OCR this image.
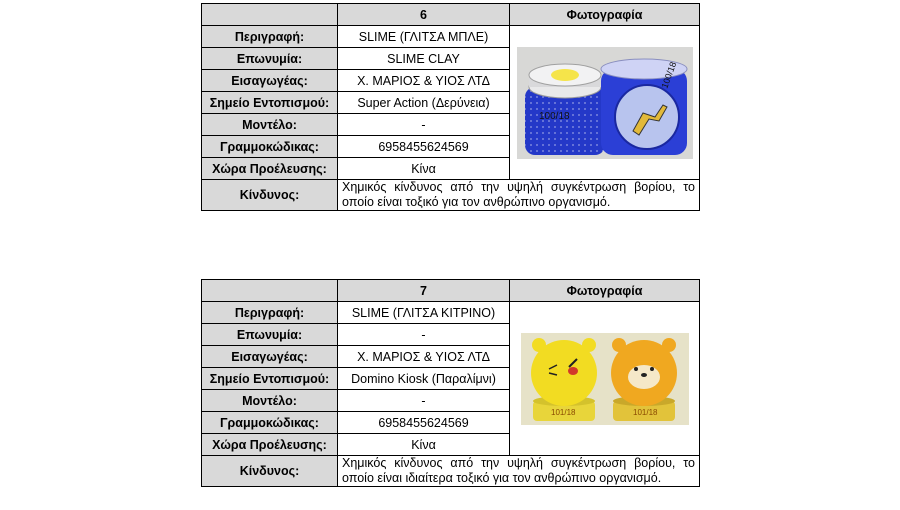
	6	Φωτογραφία
Περιγραφή:	SLIME (ΓΛΙΤΣΑ ΜΠΛΕ)	100/18
100/18

Επωνυμία:	SLIME CLAY	
Εισαγωγέας:	Χ. ΜΑΡΙΟΣ & ΥΙΟΣ ΛΤΔ	
Σημείο Εντοπισμού:	Super Action (Δερύνεια)	
Μοντέλο:	-	
Γραμμοκώδικας:	6958455624569	
Χώρα Προέλευσης:	Κίνα	
Κίνδυνος:	Χημικός κίνδυνος από την υψηλή συγκέντρωση βορίου, το οποίο είναι τοξικό για τον ανθρώπινο οργανισμό.	
	7	Φωτογραφία
Περιγραφή:	SLIME (ΓΛΙΤΣΑ ΚΙΤΡΙΝΟ)	101/18 101/18

Επωνυμία:	-	
Εισαγωγέας:	Χ. ΜΑΡΙΟΣ & ΥΙΟΣ ΛΤΔ	
Σημείο Εντοπισμού:	Domino Kiosk (Παραλίμνι)	
Μοντέλο:	-	
Γραμμοκώδικας:	6958455624569	
Χώρα Προέλευσης:	Κίνα	
Κίνδυνος:	Χημικός κίνδυνος από την υψηλή συγκέντρωση βορίου, το οποίο είναι ιδιαίτερα τοξικό για τον ανθρώπινο οργανισμό.	
